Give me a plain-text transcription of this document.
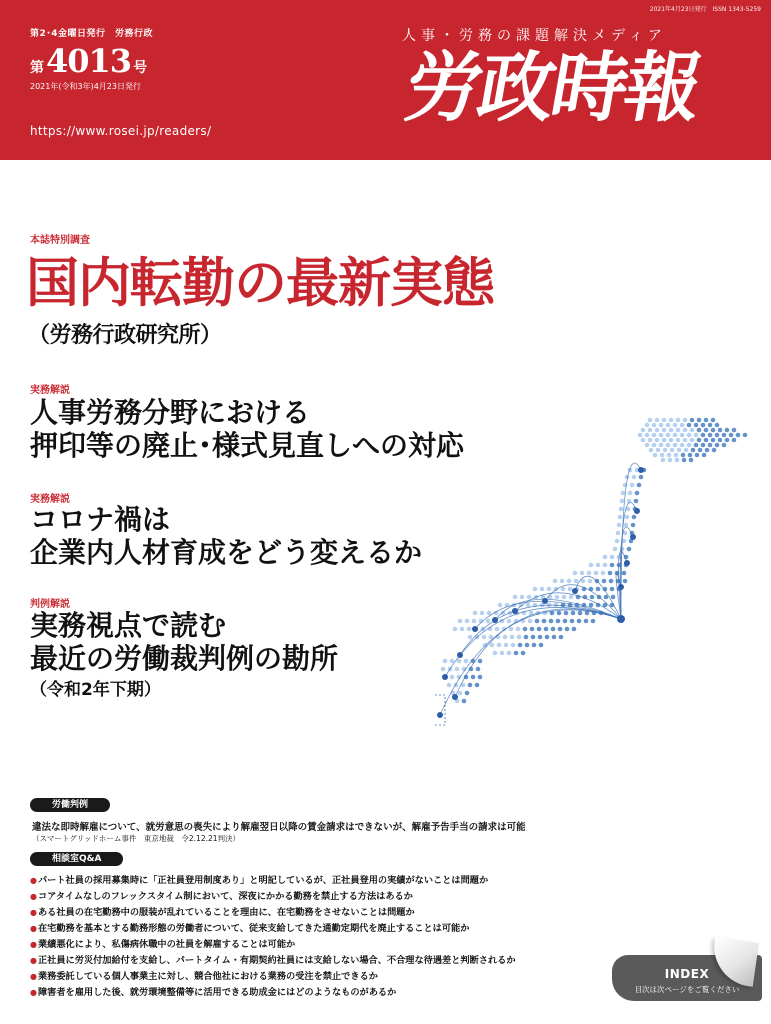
2021年4月23日発行　ISSN 1343-5259
第2･4金曜日発行　労務行政
第 4013 号
2021年(令和3年)4月23日発行
https://www.rosei.jp/readers/
人事・労務の課題解決メディア
労政時報
本誌特別調査
国内転勤の最新実態
（労務行政研究所）
実務解説
人事労務分野における
押印等の廃止･様式見直しへの対応
実務解説
コロナ禍は
企業内人材育成をどう変えるか
判例解説
実務視点で読む
最近の労働裁判例の勘所
（令和2年下期）
労働判例
違法な即時解雇について、就労意思の喪失により解雇翌日以降の賃金請求はできないが、解雇予告手当の請求は可能
（スマートグリッドホーム事件　東京地裁　令2.12.21判決）
相談室Q&A
● パート社員の採用募集時に「正社員登用制度あり」と明記しているが、正社員登用の実績がないことは問題か
● コアタイムなしのフレックスタイム制において、深夜にかかる勤務を禁止する方法はあるか
● ある社員の在宅勤務中の服装が乱れていることを理由に、在宅勤務をさせないことは問題か
● 在宅勤務を基本とする勤務形態の労働者について、従来支給してきた通勤定期代を廃止することは可能か
● 業績悪化により、私傷病休職中の社員を解雇することは可能か
● 正社員に労災付加給付を支給し、パートタイム・有期契約社員には支給しない場合、不合理な待遇差と判断されるか
● 業務委託している個人事業主に対し、競合他社における業務の受注を禁止できるか
● 障害者を雇用した後、就労環境整備等に活用できる助成金にはどのようなものがあるか
INDEX
目次は次ページをご覧ください
